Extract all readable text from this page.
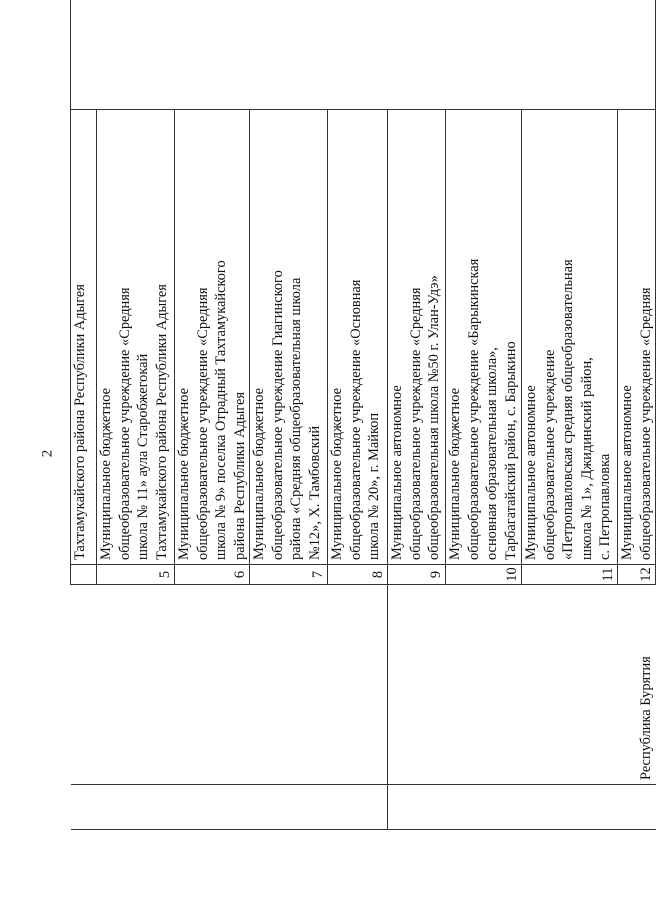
2

			Тахтамукайского района Республики Адыгея	

		5	Муниципальное бюджетное общеобразовательное учреждение «Средняя школа № 11» аула Старобжегокай Тахтамукайского района Республики Адыгея	

		6	Муниципальное бюджетное общеобразовательное учреждение «Средняя школа № 9» поселка Отрадный Тахтамукайского района Республики Адыгея	

		7	Муниципальное бюджетное общеобразовательное учреждение Гиагинского района «Средняя общеобразовательная школа №12», Х. Тамбовский	

		8	Муниципальное бюджетное общеобразовательное учреждение «Основная школа № 20», г. Майкоп	

	Республика Бурятия	9	Муниципальное автономное общеобразовательное учреждение «Средняя общеобразовательная школа №50 г. Улан-Удэ»	

		10	Муниципальное бюджетное общеобразовательное учреждение «Барыкинская основная образовательная школа», Тарбагатайский район, с. Барыкино	

		11	Муниципальное автономное общеобразовательное учреждение «Петропавловская средняя общеобразовательная школа № 1», Джидинский район, с. Петропавловка	

		12	Муниципальное автономное общеобразовательное учреждение «Средняя	
